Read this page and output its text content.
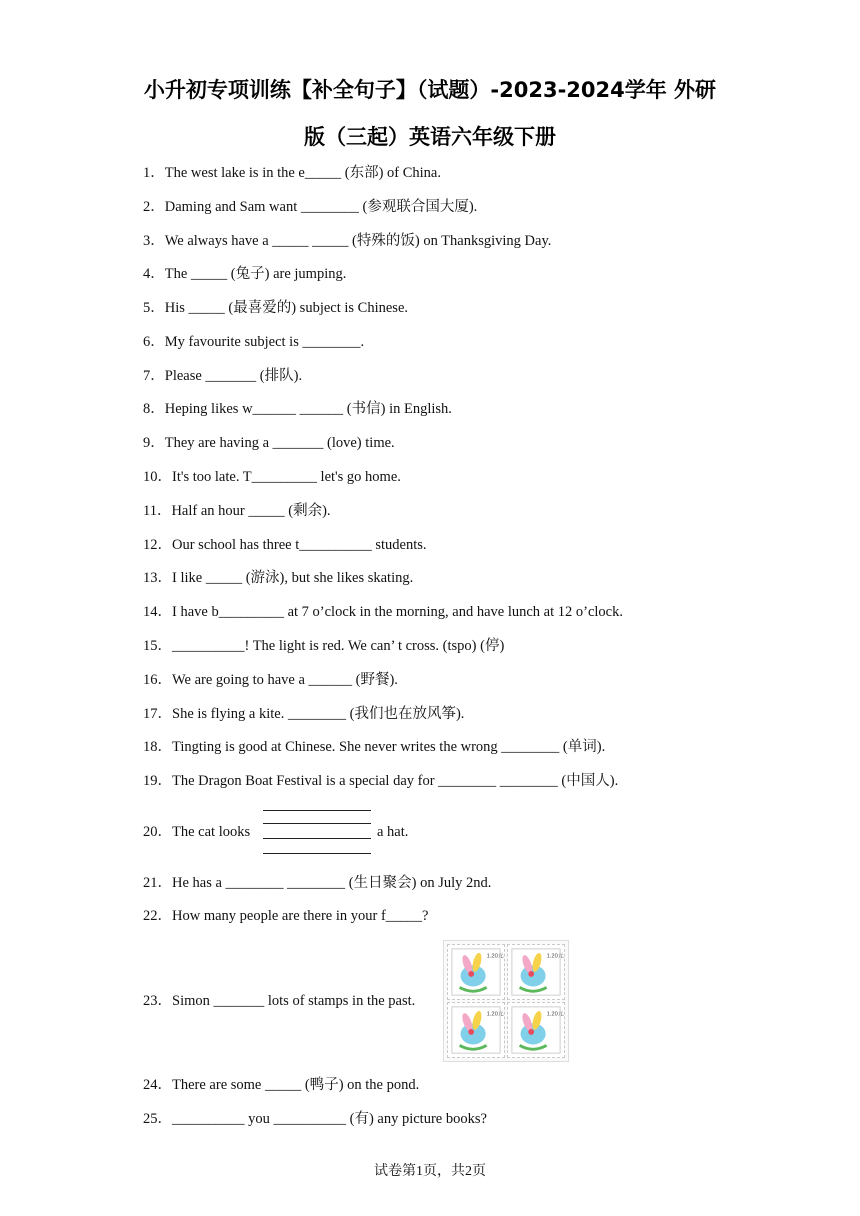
小升初专项训练【补全句子】（试题）-2023-2024学年 外研
版（三起）英语六年级下册
1．The west lake is in the e_____ (东部) of China.
2．Daming and Sam want ________ (参观联合国大厦).
3．We always have a _____ _____ (特殊的饭) on Thanksgiving Day.
4．The _____ (兔子) are jumping.
5．His _____ (最喜爱的) subject is Chinese.
6．My favourite subject is ________.
7．Please _______ (排队).
8．Heping likes w______ ______ (书信) in English.
9．They are having a _______ (love) time.
10．It's too late. T_________ let's go home.
11．Half an hour _____ (剩余).
12．Our school has three t__________ students.
13．I like _____ (游泳), but she likes skating.
14．I have b_________ at 7 o’clock in the morning, and have lunch at 12 o’clock.
15．__________! The light is red. We can’ t cross. (tspo) (停)
16．We are going to have a ______ (野餐).
17．She is flying a kite. ________ (我们也在放风筝).
18．Tingting is good at Chinese. She never writes the wrong ________ (单词).
19．The Dragon Boat Festival is a special day for ________ ________ (中国人).
20．The cat looks	a hat.
21．He has a ________ ________ (生日聚会) on July 2nd.
22．How many people are there in your f_____?
23．Simon _______ lots of stamps in the past.
1.20元	1.20元
1.20元	1.20元
24．There are some _____ (鸭子) on the pond.
25．__________ you __________ (有) any picture books?
试卷第1页，共2页
